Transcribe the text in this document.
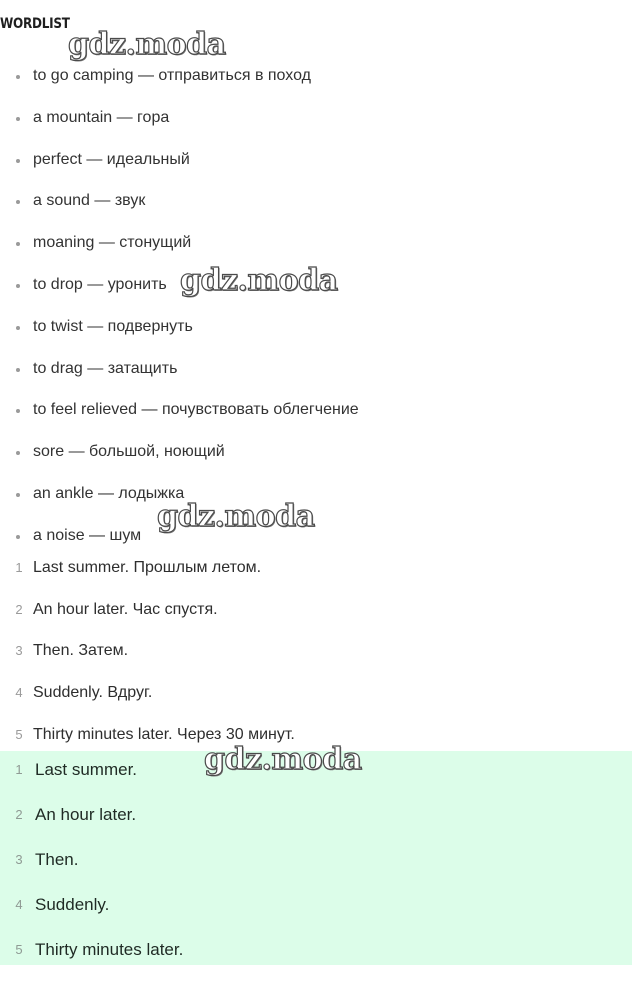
WORDLIST
to go camping — отправиться в поход
a mountain — гора
perfect — идеальный
a sound — звук
moaning — стонущий
to drop — уронить
to twist — подвернуть
to drag — затащить
to feel relieved — почувствовать облегчение
sore — большой, ноющий
an ankle — лодыжка
a noise — шум
1 Last summer. Прошлым летом.
2 An hour later. Час спустя.
3 Then. Затем.
4 Suddenly. Вдруг.
5 Thirty minutes later. Через 30 минут.
1 Last summer.
2 An hour later.
3 Then.
4 Suddenly.
5 Thirty minutes later.
gdz.moda
gdz.moda
gdz.moda
gdz.moda
